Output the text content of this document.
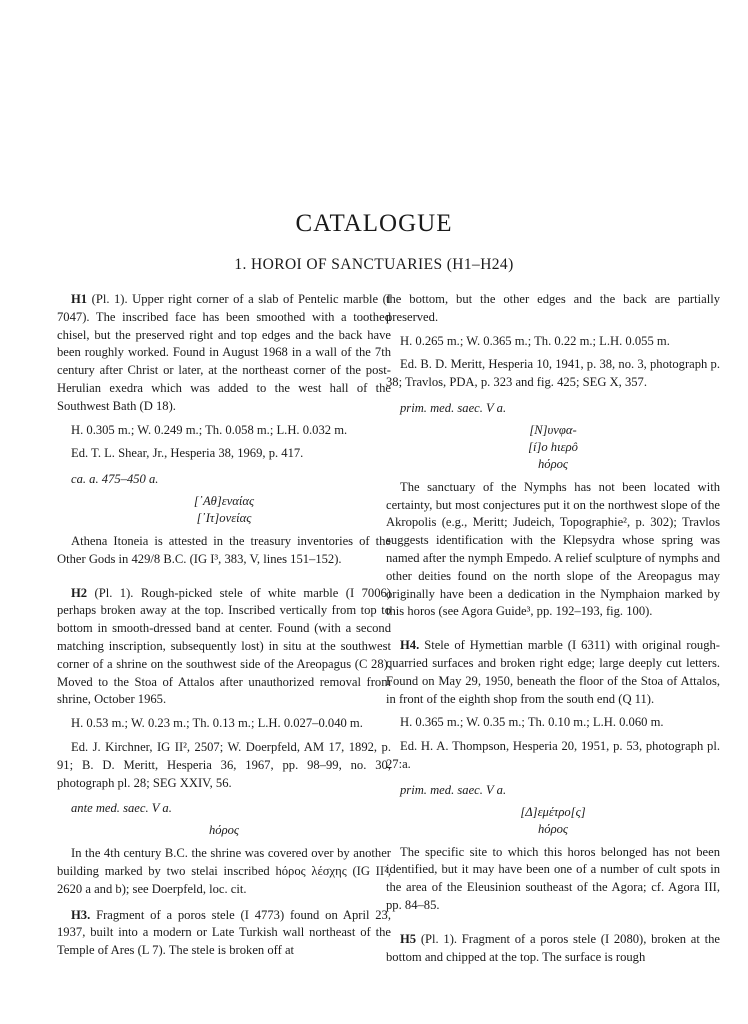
CATALOGUE
1. HOROI OF SANCTUARIES (H1–H24)

H1 (Pl. 1). Upper right corner of a slab of Pentelic marble (I 7047). The inscribed face has been smoothed with a toothed chisel, but the preserved right and top edges and the back have been roughly worked. Found in August 1968 in a wall of the 7th century after Christ or later, at the northeast corner of the post-Herulian exedra which was added to the west hall of the Southwest Bath (D 18).

H. 0.305 m.; W. 0.249 m.; Th. 0.058 m.; L.H. 0.032 m.

Ed. T. L. Shear, Jr., Hesperia 38, 1969, p. 417.

ca. a. 475–450 a.

[᾿Αθ]εναίας
[᾿Ιτ]ονείας

Athena Itoneia is attested in the treasury inventories of the Other Gods in 429/8 B.C. (IG I³, 383, V, lines 151–152).

H2 (Pl. 1). Rough-picked stele of white marble (I 7006) perhaps broken away at the top. Inscribed vertically from top to bottom in smooth-dressed band at center. Found (with a second matching inscription, subsequently lost) in situ at the southwest corner of a shrine on the southwest side of the Areopagus (C 28). Moved to the Stoa of Attalos after unauthorized removal from shrine, October 1965.

H. 0.53 m.; W. 0.23 m.; Th. 0.13 m.; L.H. 0.027–0.040 m.

Ed. J. Kirchner, IG II², 2507; W. Doerpfeld, AM 17, 1892, p. 91; B. D. Meritt, Hesperia 36, 1967, pp. 98–99, no. 30, photograph pl. 28; SEG XXIV, 56.

ante med. saec. V a.

hόρος

In the 4th century B.C. the shrine was covered over by another building marked by two stelai inscribed hόρος λέσχης (IG II², 2620 a and b); see Doerpfeld, loc. cit.

H3. Fragment of a poros stele (I 4773) found on April 23, 1937, built into a modern or Late Turkish wall northeast of the Temple of Ares (L 7). The stele is broken off at

the bottom, but the other edges and the back are partially preserved.

H. 0.265 m.; W. 0.365 m.; Th. 0.22 m.; L.H. 0.055 m.

Ed. B. D. Meritt, Hesperia 10, 1941, p. 38, no. 3, photograph p. 38; Travlos, PDA, p. 323 and fig. 425; SEG X, 357.

prim. med. saec. V a.

[N]υνφα-
[í]ο hιερô
hόρος

The sanctuary of the Nymphs has not been located with certainty, but most conjectures put it on the northwest slope of the Akropolis (e.g., Meritt; Judeich, Topographie², p. 302); Travlos suggests identification with the Klepsydra whose spring was named after the nymph Empedo. A relief sculpture of nymphs and other deities found on the north slope of the Areopagus may originally have been a dedication in the Nymphaion marked by this horos (see Agora Guide³, pp. 192–193, fig. 100).

H4. Stele of Hymettian marble (I 6311) with original rough-quarried surfaces and broken right edge; large deeply cut letters. Found on May 29, 1950, beneath the floor of the Stoa of Attalos, in front of the eighth shop from the south end (Q 11).

H. 0.365 m.; W. 0.35 m.; Th. 0.10 m.; L.H. 0.060 m.

Ed. H. A. Thompson, Hesperia 20, 1951, p. 53, photograph pl. 27:a.

prim. med. saec. V a.

[Δ]εμέτρο[ς]
hόρος

The specific site to which this horos belonged has not been identified, but it may have been one of a number of cult spots in the area of the Eleusinion southeast of the Agora; cf. Agora III, pp. 84–85.

H5 (Pl. 1). Fragment of a poros stele (I 2080), broken at the bottom and chipped at the top. The surface is rough
